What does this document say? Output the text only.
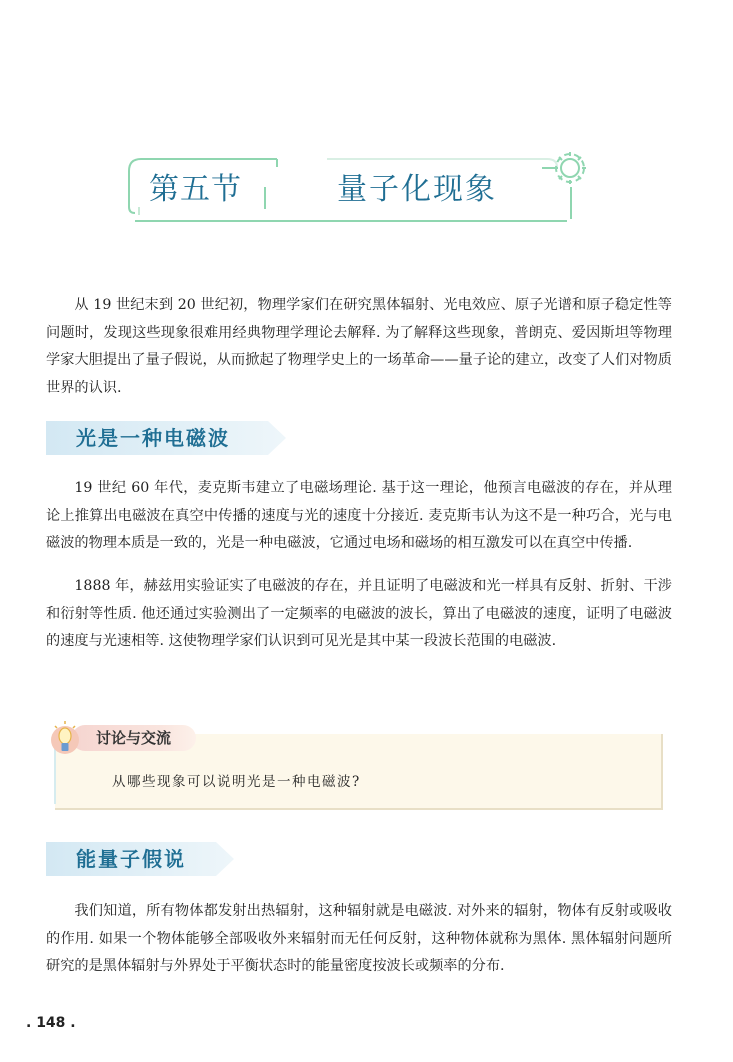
第五节	量子化现象

从 19 世纪末到 20 世纪初，物理学家们在研究黑体辐射、光电效应、原子光谱和原子稳定性等问题时，发现这些现象很难用经典物理学理论去解释. 为了解释这些现象，普朗克、爱因斯坦等物理学家大胆提出了量子假说，从而掀起了物理学史上的一场革命——量子论的建立，改变了人们对物质世界的认识.

光是一种电磁波

19 世纪 60 年代，麦克斯韦建立了电磁场理论. 基于这一理论，他预言电磁波的存在，并从理论上推算出电磁波在真空中传播的速度与光的速度十分接近. 麦克斯韦认为这不是一种巧合，光与电磁波的物理本质是一致的，光是一种电磁波，它通过电场和磁场的相互激发可以在真空中传播.

1888 年，赫兹用实验证实了电磁波的存在，并且证明了电磁波和光一样具有反射、折射、干涉和衍射等性质. 他还通过实验测出了一定频率的电磁波的波长，算出了电磁波的速度，证明了电磁波的速度与光速相等. 这使物理学家们认识到可见光是其中某一段波长范围的电磁波.

讨论与交流
从哪些现象可以说明光是一种电磁波?
能量子假说

我们知道，所有物体都发射出热辐射，这种辐射就是电磁波. 对外来的辐射，物体有反射或吸收的作用. 如果一个物体能够全部吸收外来辐射而无任何反射，这种物体就称为黑体. 黑体辐射问题所研究的是黑体辐射与外界处于平衡状态时的能量密度按波长或频率的分布.

. 148 .
